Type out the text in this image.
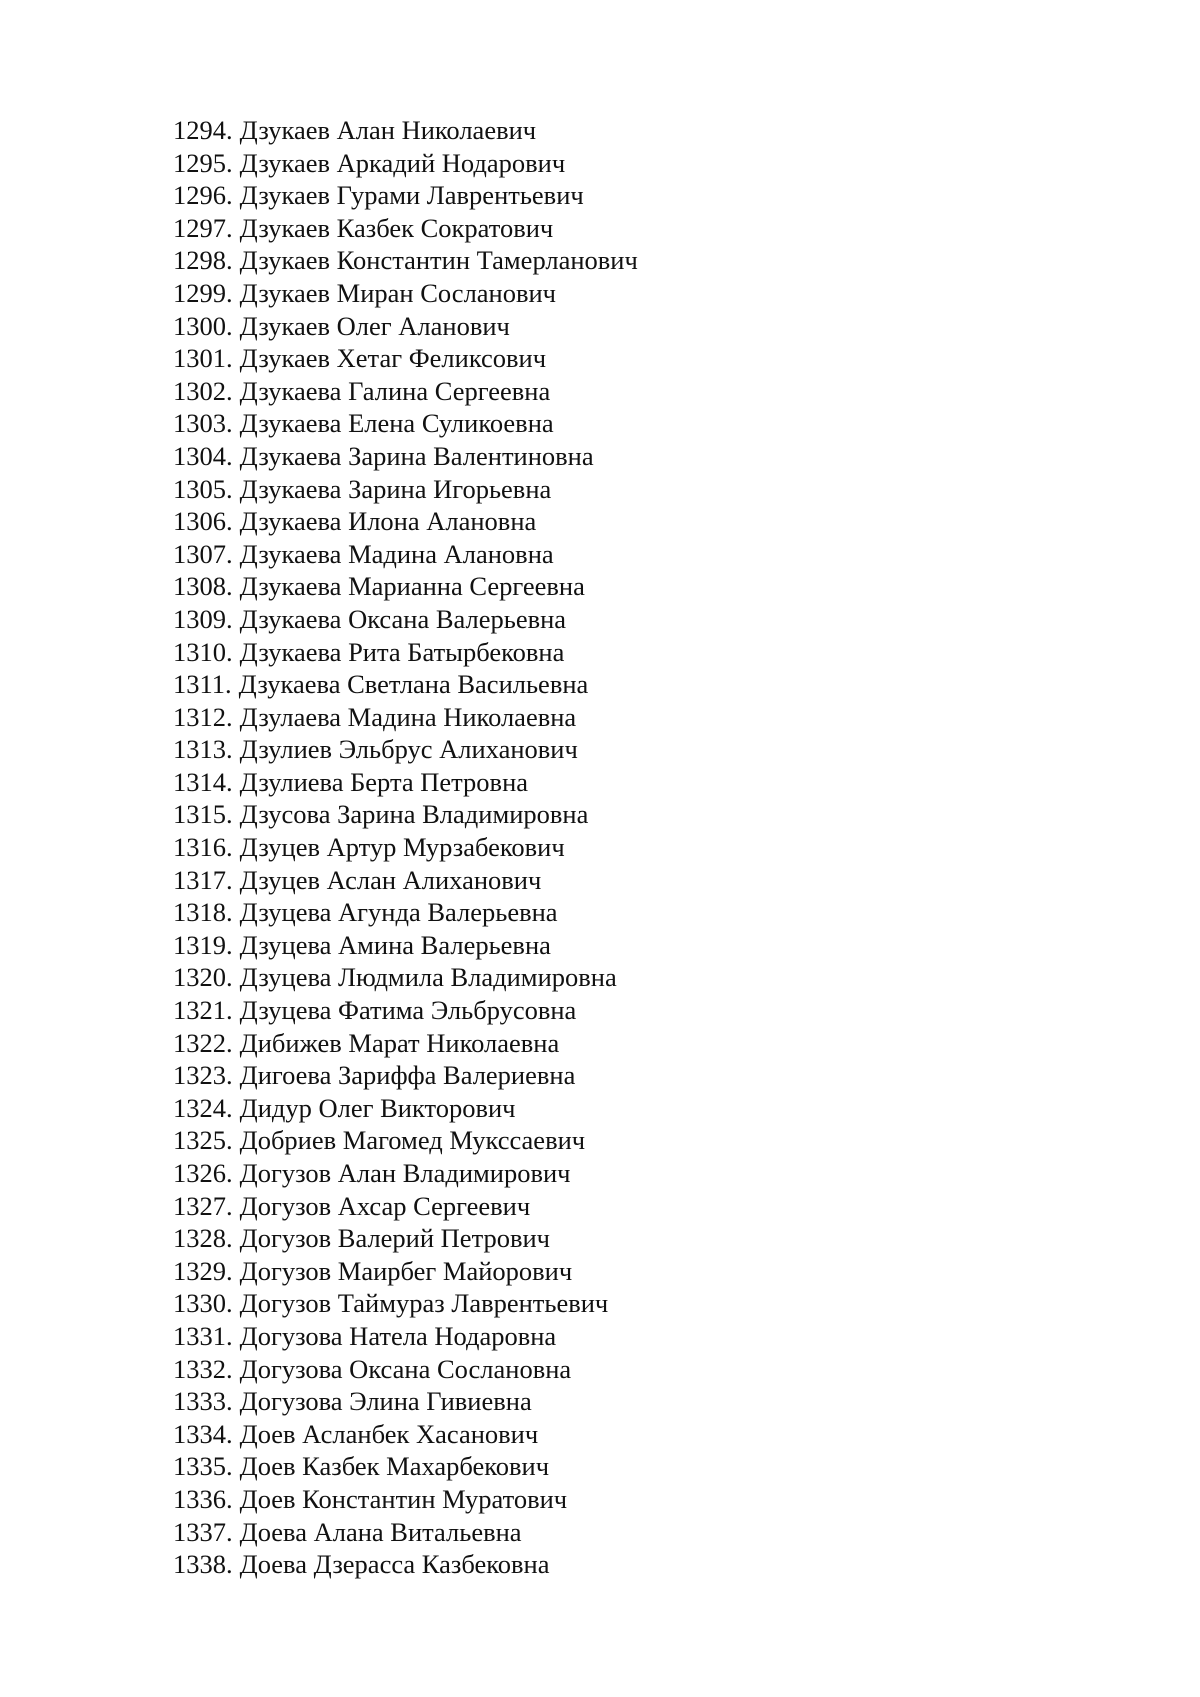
1294. Дзукаев Алан Николаевич
1295. Дзукаев Аркадий Нодарович
1296. Дзукаев Гурами Лаврентьевич
1297. Дзукаев Казбек Сократович
1298. Дзукаев Константин Тамерланович
1299. Дзукаев Миран Сосланович
1300. Дзукаев Олег Аланович
1301. Дзукаев Хетаг Феликсович
1302. Дзукаева Галина Сергеевна
1303. Дзукаева Елена Суликоевна
1304. Дзукаева Зарина Валентиновна
1305. Дзукаева Зарина Игорьевна
1306. Дзукаева Илона Алановна
1307. Дзукаева Мадина Алановна
1308. Дзукаева Марианна Сергеевна
1309. Дзукаева Оксана Валерьевна
1310. Дзукаева Рита Батырбековна
1311. Дзукаева Светлана Васильевна
1312. Дзулаева Мадина Николаевна
1313. Дзулиев Эльбрус Алиханович
1314. Дзулиева Берта Петровна
1315. Дзусова Зарина Владимировна
1316. Дзуцев Артур Мурзабекович
1317. Дзуцев Аслан Алиханович
1318. Дзуцева Агунда Валерьевна
1319. Дзуцева Амина Валерьевна
1320. Дзуцева Людмила Владимировна
1321. Дзуцева Фатима Эльбрусовна
1322. Дибижев Марат Николаевна
1323. Дигоева Зариффа Валериевна
1324. Дидур Олег Викторович
1325. Добриев Магомед Мукссаевич
1326. Догузов Алан Владимирович
1327. Догузов Ахсар Сергеевич
1328. Догузов Валерий Петрович
1329. Догузов Маирбег Майорович
1330. Догузов Таймураз Лаврентьевич
1331. Догузова Натела Нодаровна
1332. Догузова Оксана Сослановна
1333. Догузова Элина Гивиевна
1334. Доев Асланбек Хасанович
1335. Доев Казбек Махарбекович
1336. Доев Константин Муратович
1337. Доева Алана Витальевна
1338. Доева Дзерасса Казбековна
